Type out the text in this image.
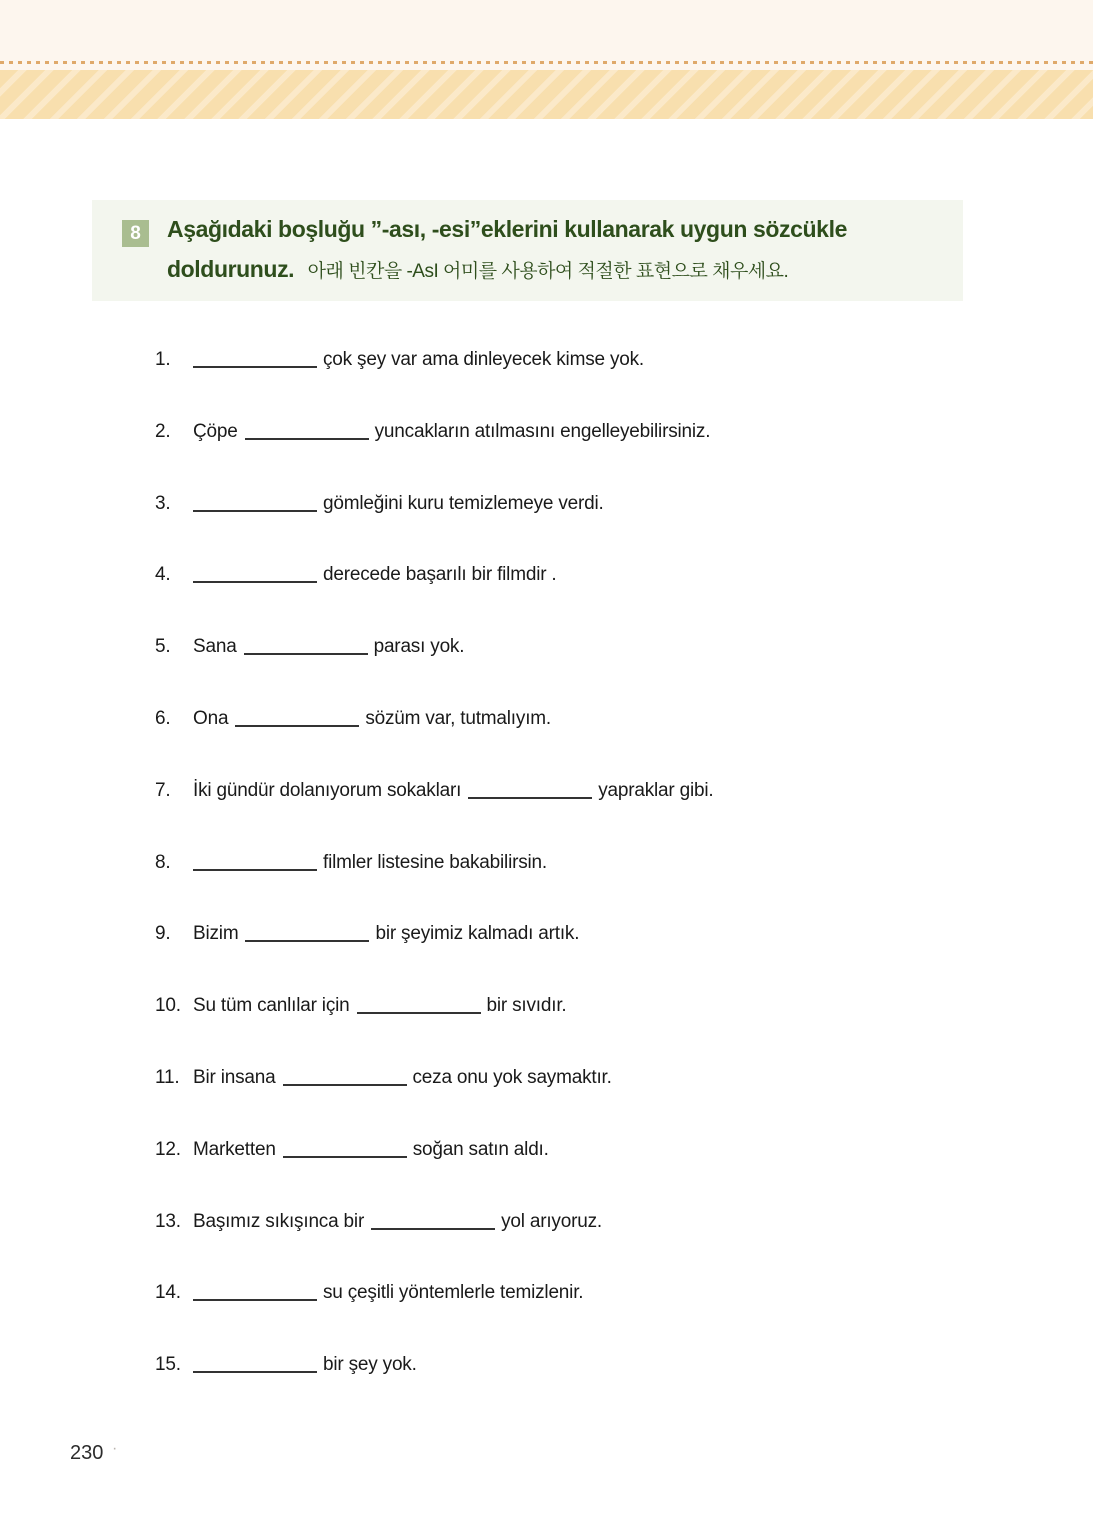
8	Aşağıdaki boşluğu ”-ası, -esi”eklerini kullanarak uygun sözcükle doldurunuz. 아래 빈칸을 -AsI 어미를 사용하여 적절한 표현으로 채우세요.
1.	çok şey var ama dinleyecek kimse yok.
2. Çöpe	yuncakların atılmasını engelleyebilirsiniz.
3.	gömleğini kuru temizlemeye verdi.
4.	derecede başarılı bir filmdir .
5. Sana	parası yok.
6. Ona	sözüm var, tutmalıyım.
7. İki gündür dolanıyorum sokakları	yapraklar gibi.
8.	filmler listesine bakabilirsin.
9. Bizim	bir şeyimiz kalmadı artık.
10. Su tüm canlılar için	bir sıvıdır.
11. Bir insana	ceza onu yok saymaktır.
12. Marketten	soğan satın aldı.
13. Başımız sıkışınca bir	yol arıyoruz.
14.	su çeşitli yöntemlerle temizlenir.
15.	bir şey yok.
230 ·
